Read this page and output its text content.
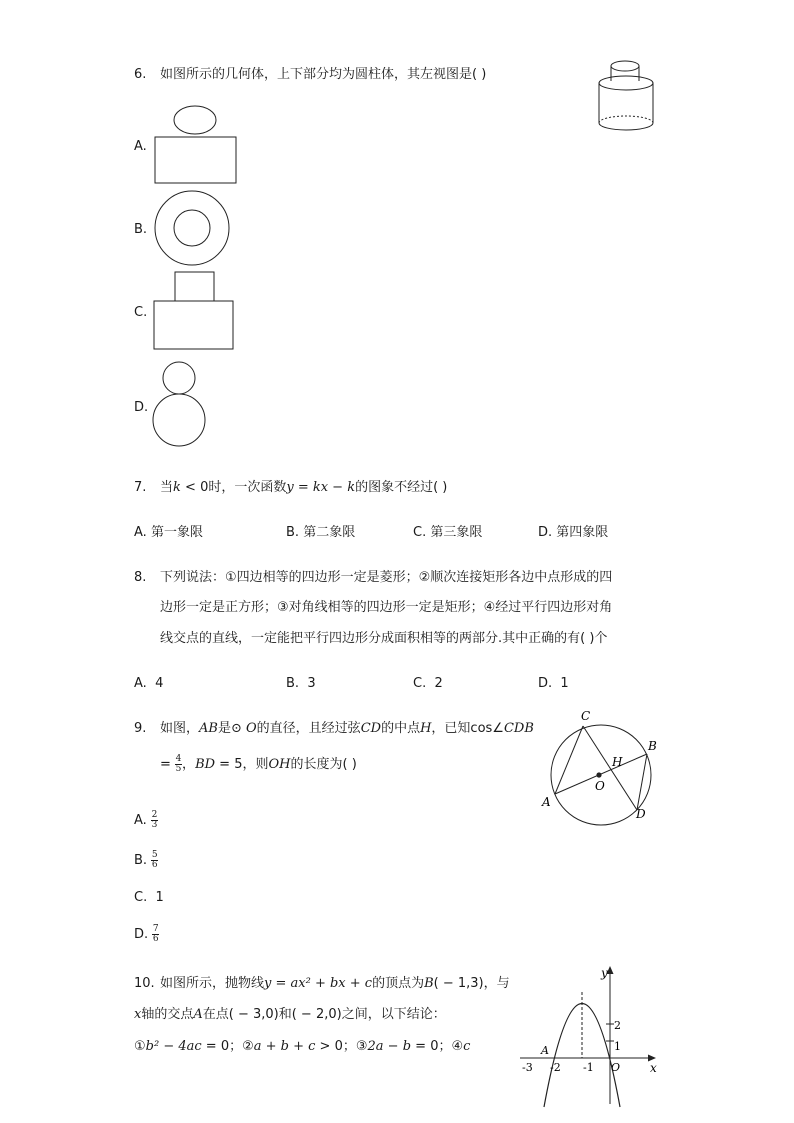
6. 如图所示的几何体，上下部分均为圆柱体，其左视图是( )
A.
B.
C.
D.
7. 当k < 0时，一次函数y = kx − k的图象不经过( )
A. 第一象限	B. 第二象限	C. 第三象限	D. 第四象限
8. 下列说法：①四边相等的四边形一定是菱形；②顺次连接矩形各边中点形成的四
边形一定是正方形；③对角线相等的四边形一定是矩形；④经过平行四边形对角
线交点的直线，一定能把平行四边形分成面积相等的两部分.其中正确的有( )个
A. 4	B. 3	C. 2	D. 1
9. 如图，AB是⊙ O的直径，且经过弦CD的中点H，已知cos∠CDB
= $\frac{4}{5}$ ，BD = 5，则OH的长度为( )
C
H
B
O
A
D
A. $\frac{2}{3}$
B. $\frac{5}{6}$
C. 1
D. $\frac{7}{6}$
10. 如图所示，抛物线y = ax² + bx + c的顶点为B( − 1,3)，与
x轴的交点A在点( − 3,0)和( − 2,0)之间，以下结论：
①b² − 4ac = 0；②a + b + c > 0；③2a − b = 0；④c
y
x
2
1
A
O
-3 -2 -1
